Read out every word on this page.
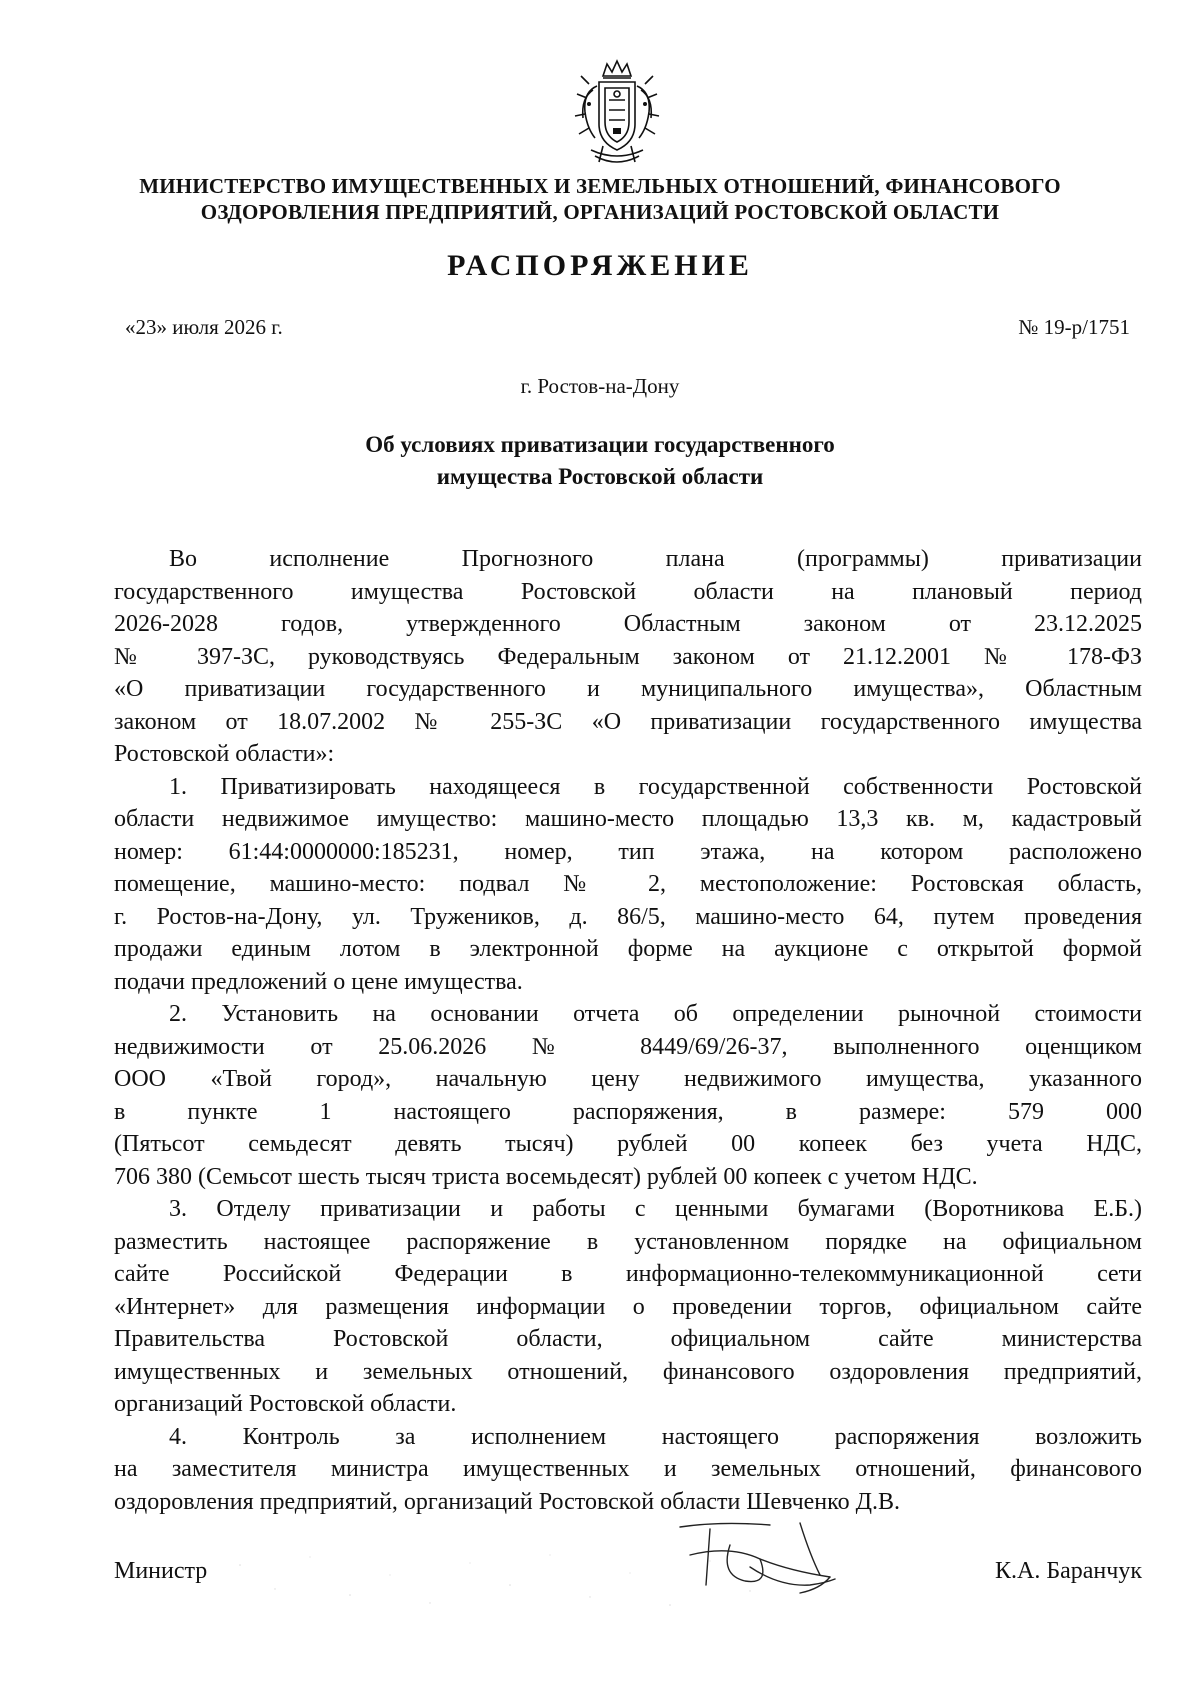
МИНИСТЕРСТВО ИМУЩЕСТВЕННЫХ И ЗЕМЕЛЬНЫХ ОТНОШЕНИЙ, ФИНАНСОВОГО
ОЗДОРОВЛЕНИЯ ПРЕДПРИЯТИЙ, ОРГАНИЗАЦИЙ РОСТОВСКОЙ ОБЛАСТИ
РАСПОРЯЖЕНИЕ
«23» июля 2026 г.	№ 19-р/1751
г. Ростов-на-Дону
Об условиях приватизации государственного
имущества Ростовской области
Во исполнение Прогнозного плана (программы) приватизации
государственного имущества Ростовской области на плановый период
2026-2028 годов, утвержденного Областным законом от 23.12.2025
№ 397-ЗС, руководствуясь Федеральным законом от 21.12.2001 № 178-ФЗ
«О приватизации государственного и муниципального имущества», Областным
законом от 18.07.2002 № 255-ЗС «О приватизации государственного имущества
Ростовской области»:
1. Приватизировать находящееся в государственной собственности Ростовской
области недвижимое имущество: машино-место площадью 13,3 кв. м, кадастровый
номер: 61:44:0000000:185231, номер, тип этажа, на котором расположено
помещение, машино-место: подвал № 2, местоположение: Ростовская область,
г. Ростов-на-Дону, ул. Тружеников, д. 86/5, машино-место 64, путем проведения
продажи единым лотом в электронной форме на аукционе с открытой формой
подачи предложений о цене имущества.
2. Установить на основании отчета об определении рыночной стоимости
недвижимости от 25.06.2026 № 8449/69/26-37, выполненного оценщиком
ООО «Твой город», начальную цену недвижимого имущества, указанного
в пункте 1 настоящего распоряжения, в размере: 579 000
(Пятьсот семьдесят девять тысяч) рублей 00 копеек без учета НДС,
706 380 (Семьсот шесть тысяч триста восемьдесят) рублей 00 копеек с учетом НДС.
3. Отделу приватизации и работы с ценными бумагами (Воротникова Е.Б.)
разместить настоящее распоряжение в установленном порядке на официальном
сайте Российской Федерации в информационно-телекоммуникационной сети
«Интернет» для размещения информации о проведении торгов, официальном сайте
Правительства Ростовской области, официальном сайте министерства
имущественных и земельных отношений, финансового оздоровления предприятий,
организаций Ростовской области.
4. Контроль за исполнением настоящего распоряжения возложить
на заместителя министра имущественных и земельных отношений, финансового
оздоровления предприятий, организаций Ростовской области Шевченко Д.В.
Министр	К.А. Баранчук
